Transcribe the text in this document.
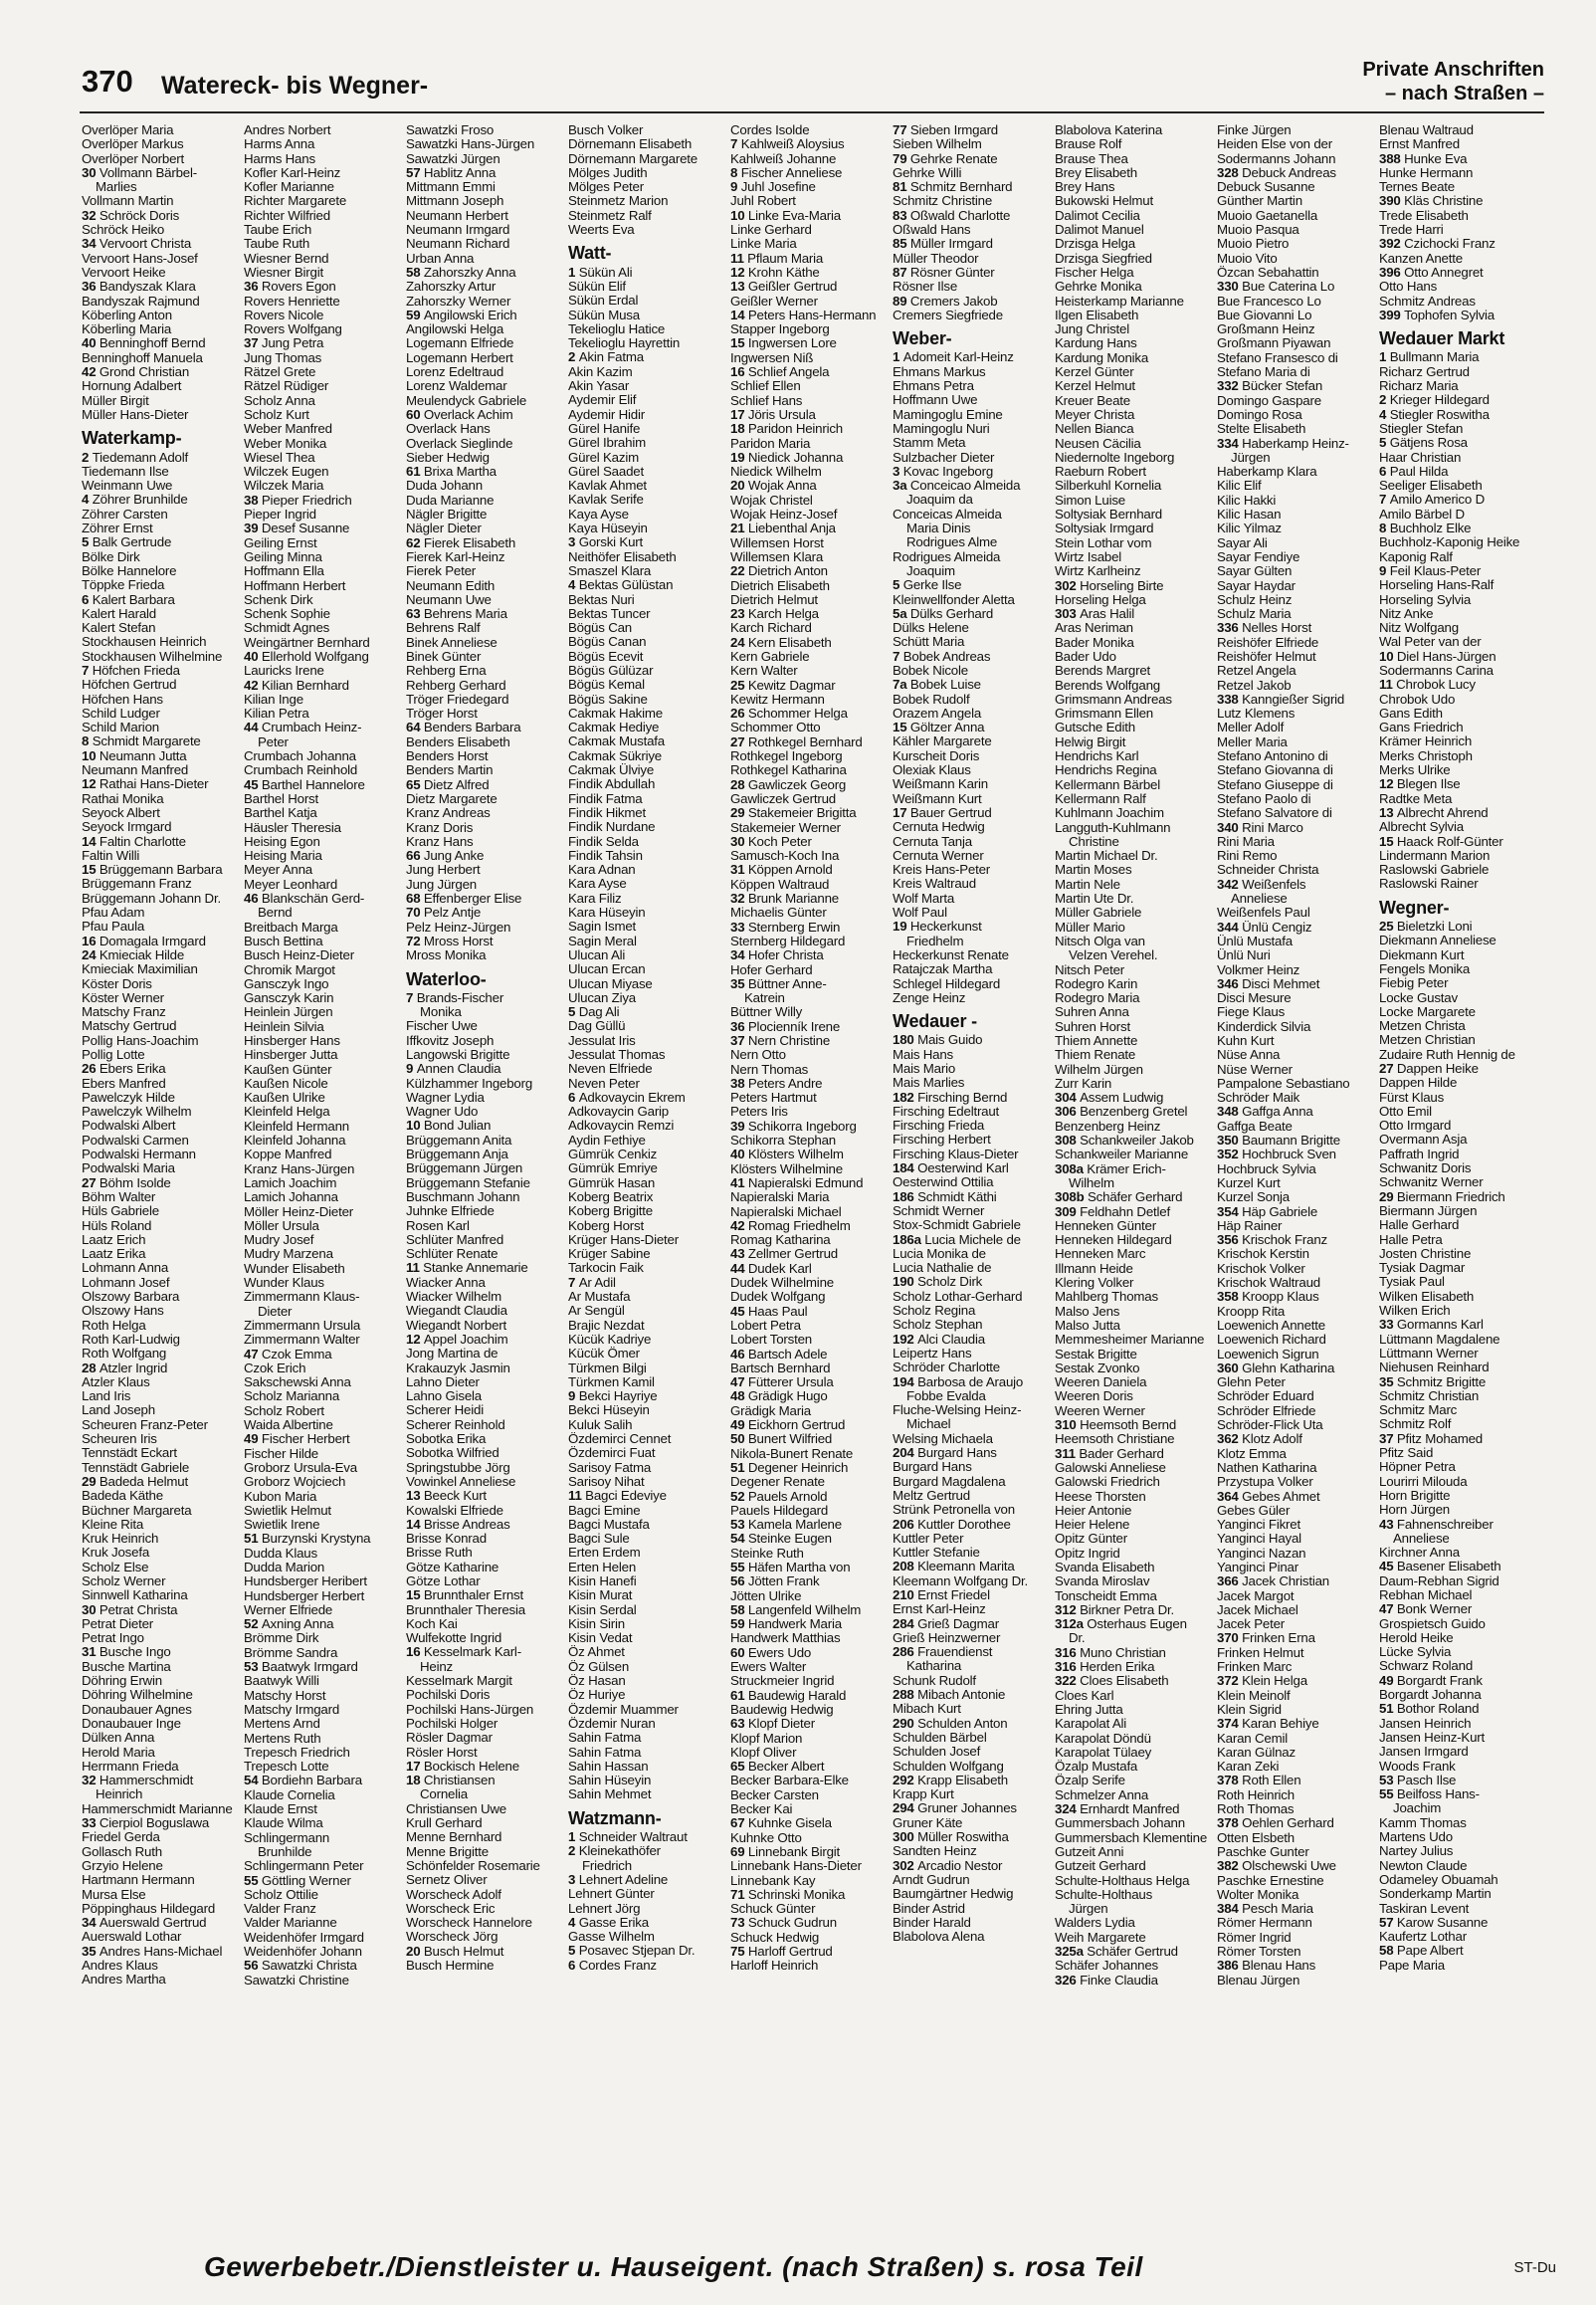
370 Watereck- bis Wegner-
Private Anschriften
– nach Straßen –
Overlöper Maria
Overlöper Markus
Overlöper Norbert
30 Vollmann Bärbel-
Marlies
Vollmann Martin
32 Schröck Doris
Schröck Heiko
34 Vervoort Christa
Vervoort Hans-Josef
Vervoort Heike
36 Bandyszak Klara
Bandyszak Rajmund
Köberling Anton
Köberling Maria
40 Benninghoff Bernd
Benninghoff Manuela
42 Grond Christian
Hornung Adalbert
Müller Birgit
Müller Hans-Dieter
Waterkamp-
2 Tiedemann Adolf
Tiedemann Ilse
Weinmann Uwe
4 Zöhrer Brunhilde
Zöhrer Carsten
Zöhrer Ernst
5 Balk Gertrude
Bölke Dirk
Bölke Hannelore
Töppke Frieda
6 Kalert Barbara
Kalert Harald
Kalert Stefan
Stockhausen Heinrich
Stockhausen Wilhelmine
7 Höfchen Frieda
Höfchen Gertrud
Höfchen Hans
Schild Ludger
Schild Marion
8 Schmidt Margarete
10 Neumann Jutta
Neumann Manfred
12 Rathai Hans-Dieter
Rathai Monika
Seyock Albert
Seyock Irmgard
14 Faltin Charlotte
Faltin Willi
15 Brüggemann Barbara
Brüggemann Franz
Brüggemann Johann Dr.
Pfau Adam
Pfau Paula
16 Domagala Irmgard
24 Kmieciak Hilde
Kmieciak Maximilian
Köster Doris
Köster Werner
Matschy Franz
Matschy Gertrud
Pollig Hans-Joachim
Pollig Lotte
26 Ebers Erika
Ebers Manfred
Pawelczyk Hilde
Pawelczyk Wilhelm
Podwalski Albert
Podwalski Carmen
Podwalski Hermann
Podwalski Maria
27 Böhm Isolde
Böhm Walter
Hüls Gabriele
Hüls Roland
Laatz Erich
Laatz Erika
Lohmann Anna
Lohmann Josef
Olszowy Barbara
Olszowy Hans
Roth Helga
Roth Karl-Ludwig
Roth Wolfgang
28 Atzler Ingrid
Atzler Klaus
Land Iris
Land Joseph
Scheuren Franz-Peter
Scheuren Iris
Tennstädt Eckart
Tennstädt Gabriele
29 Badeda Helmut
Badeda Käthe
Büchner Margareta
Kleine Rita
Kruk Heinrich
Kruk Josefa
Scholz Else
Scholz Werner
Sinnwell Katharina
30 Petrat Christa
Petrat Dieter
Petrat Ingo
31 Busche Ingo
Busche Martina
Döhring Erwin
Döhring Wilhelmine
Donaubauer Agnes
Donaubauer Inge
Dülken Anna
Herold Maria
Herrmann Frieda
32 Hammerschmidt
Heinrich
Hammerschmidt Marianne
33 Cierpiol Boguslawa
Friedel Gerda
Gollasch Ruth
Grzyio Helene
Hartmann Hermann
Mursa Else
Pöppinghaus Hildegard
34 Auerswald Gertrud
Auerswald Lothar
35 Andres Hans-Michael
Andres Klaus
Andres Martha
Andres Norbert
Harms Anna
Harms Hans
Kofler Karl-Heinz
Kofler Marianne
Richter Margarete
Richter Wilfried
Taube Erich
Taube Ruth
Wiesner Bernd
Wiesner Birgit
36 Rovers Egon
Rovers Henriette
Rovers Nicole
Rovers Wolfgang
37 Jung Petra
Jung Thomas
Rätzel Grete
Rätzel Rüdiger
Scholz Anna
Scholz Kurt
Weber Manfred
Weber Monika
Wiesel Thea
Wilczek Eugen
Wilczek Maria
38 Pieper Friedrich
Pieper Ingrid
39 Desef Susanne
Geiling Ernst
Geiling Minna
Hoffmann Ella
Hoffmann Herbert
Schenk Dirk
Schenk Sophie
Schmidt Agnes
Weingärtner Bernhard
40 Ellerhold Wolfgang
Lauricks Irene
42 Kilian Bernhard
Kilian Inge
Kilian Petra
44 Crumbach Heinz-
Peter
Crumbach Johanna
Crumbach Reinhold
45 Barthel Hannelore
Barthel Horst
Barthel Katja
Häusler Theresia
Heising Egon
Heising Maria
Meyer Anna
Meyer Leonhard
46 Blankschän Gerd-
Bernd
Breitbach Marga
Busch Bettina
Busch Heinz-Dieter
Chromik Margot
Gansczyk Ingo
Gansczyk Karin
Heinlein Jürgen
Heinlein Silvia
Hinsberger Hans
Hinsberger Jutta
Kaußen Günter
Kaußen Nicole
Kaußen Ulrike
Kleinfeld Helga
Kleinfeld Hermann
Kleinfeld Johanna
Koppe Manfred
Kranz Hans-Jürgen
Lamich Joachim
Lamich Johanna
Möller Heinz-Dieter
Möller Ursula
Mudry Josef
Mudry Marzena
Wunder Elisabeth
Wunder Klaus
Zimmermann Klaus-
Dieter
Zimmermann Ursula
Zimmermann Walter
47 Czok Emma
Czok Erich
Sakschewski Anna
Scholz Marianna
Scholz Robert
Waida Albertine
49 Fischer Herbert
Fischer Hilde
Groborz Ursula-Eva
Groborz Wojciech
Kubon Maria
Swietlik Helmut
Swietlik Irene
51 Burzynski Krystyna
Dudda Klaus
Dudda Marion
Hundsberger Heribert
Hundsberger Herbert
Werner Elfriede
52 Axning Anna
Brömme Dirk
Brömme Sandra
53 Baatwyk Irmgard
Baatwyk Willi
Matschy Horst
Matschy Irmgard
Mertens Arnd
Mertens Ruth
Trepesch Friedrich
Trepesch Lotte
54 Bordiehn Barbara
Klaude Cornelia
Klaude Ernst
Klaude Wilma
Schlingermann
Brunhilde
Schlingermann Peter
55 Göttling Werner
Scholz Ottilie
Valder Franz
Valder Marianne
Weidenhöfer Irmgard
Weidenhöfer Johann
56 Sawatzki Christa
Sawatzki Christine
Sawatzki Froso
Sawatzki Hans-Jürgen
Sawatzki Jürgen
57 Hablitz Anna
Mittmann Emmi
Mittmann Joseph
Neumann Herbert
Neumann Irmgard
Neumann Richard
Urban Anna
58 Zahorszky Anna
Zahorszky Artur
Zahorszky Werner
59 Angilowski Erich
Angilowski Helga
Logemann Elfriede
Logemann Herbert
Lorenz Edeltraud
Lorenz Waldemar
Meulendyck Gabriele
60 Overlack Achim
Overlack Hans
Overlack Sieglinde
Sieber Hedwig
61 Brixa Martha
Duda Johann
Duda Marianne
Nägler Brigitte
Nägler Dieter
62 Fierek Elisabeth
Fierek Karl-Heinz
Fierek Peter
Neumann Edith
Neumann Uwe
63 Behrens Maria
Behrens Ralf
Binek Anneliese
Binek Günter
Rehberg Erna
Rehberg Gerhard
Tröger Friedegard
Tröger Horst
64 Benders Barbara
Benders Elisabeth
Benders Horst
Benders Martin
65 Dietz Alfred
Dietz Margarete
Kranz Andreas
Kranz Doris
Kranz Hans
66 Jung Anke
Jung Herbert
Jung Jürgen
68 Effenberger Elise
70 Pelz Antje
Pelz Heinz-Jürgen
72 Mross Horst
Mross Monika
Waterloo-
7 Brands-Fischer
Monika
Fischer Uwe
Iffkovitz Joseph
Langowski Brigitte
9 Annen Claudia
Külzhammer Ingeborg
Wagner Lydia
Wagner Udo
10 Bond Julian
Brüggemann Anita
Brüggemann Anja
Brüggemann Jürgen
Brüggemann Stefanie
Buschmann Johann
Juhnke Elfriede
Rosen Karl
Schlüter Manfred
Schlüter Renate
11 Stanke Annemarie
Wiacker Anna
Wiacker Wilhelm
Wiegandt Claudia
Wiegandt Norbert
12 Appel Joachim
Jong Martina de
Krakauzyk Jasmin
Lahno Dieter
Lahno Gisela
Scherer Heidi
Scherer Reinhold
Sobotka Erika
Sobotka Wilfried
Springstubbe Jörg
Vowinkel Anneliese
13 Beeck Kurt
Kowalski Elfriede
14 Brisse Andreas
Brisse Konrad
Brisse Ruth
Götze Katharine
Götze Lothar
15 Brunnthaler Ernst
Brunnthaler Theresia
Koch Kai
Wulfekotte Ingrid
16 Kesselmark Karl-
Heinz
Kesselmark Margit
Pochilski Doris
Pochilski Hans-Jürgen
Pochilski Holger
Rösler Dagmar
Rösler Horst
17 Bockisch Helene
18 Christiansen
Cornelia
Christiansen Uwe
Krull Gerhard
Menne Bernhard
Menne Brigitte
Schönfelder Rosemarie
Sernetz Oliver
Worscheck Adolf
Worscheck Eric
Worscheck Hannelore
Worscheck Jörg
20 Busch Helmut
Busch Hermine
Busch Volker
Dörnemann Elisabeth
Dörnemann Margarete
Mölges Judith
Mölges Peter
Steinmetz Marion
Steinmetz Ralf
Weerts Eva
Watt-
1 Sükün Ali
Sükün Elif
Sükün Erdal
Sükün Musa
Tekelioglu Hatice
Tekelioglu Hayrettin
2 Akin Fatma
Akin Kazim
Akin Yasar
Aydemir Elif
Aydemir Hidir
Gürel Hanife
Gürel Ibrahim
Gürel Kazim
Gürel Saadet
Kavlak Ahmet
Kavlak Serife
Kaya Ayse
Kaya Hüseyin
3 Gorski Kurt
Neithöfer Elisabeth
Smaszel Klara
4 Bektas Gülüstan
Bektas Nuri
Bektas Tuncer
Bögüs Can
Bögüs Canan
Bögüs Ecevit
Bögüs Gülüzar
Bögüs Kemal
Bögüs Sakine
Cakmak Hakime
Cakmak Hediye
Cakmak Mustafa
Cakmak Sükriye
Cakmak Ülviye
Findik Abdullah
Findik Fatma
Findik Hikmet
Findik Nurdane
Findik Selda
Findik Tahsin
Kara Adnan
Kara Ayse
Kara Filiz
Kara Hüseyin
Sagin Ismet
Sagin Meral
Ulucan Ali
Ulucan Ercan
Ulucan Miyase
Ulucan Ziya
5 Dag Ali
Dag Güllü
Jessulat Iris
Jessulat Thomas
Neven Elfriede
Neven Peter
6 Adkovaycin Ekrem
Adkovaycin Garip
Adkovaycin Remzi
Aydin Fethiye
Gümrük Cenkiz
Gümrük Emriye
Gümrük Hasan
Koberg Beatrix
Koberg Brigitte
Koberg Horst
Krüger Hans-Dieter
Krüger Sabine
Tarkocin Faik
7 Ar Adil
Ar Mustafa
Ar Sengül
Brajic Nezdat
Kücük Kadriye
Kücük Ömer
Türkmen Bilgi
Türkmen Kamil
9 Bekci Hayriye
Bekci Hüseyin
Kuluk Salih
Özdemirci Cennet
Özdemirci Fuat
Sarisoy Fatma
Sarisoy Nihat
11 Bagci Edeviye
Bagci Emine
Bagci Mustafa
Bagci Sule
Erten Erdem
Erten Helen
Kisin Hanefi
Kisin Murat
Kisin Serdal
Kisin Sirin
Kisin Vedat
Öz Ahmet
Öz Gülsen
Öz Hasan
Öz Huriye
Özdemir Muammer
Özdemir Nuran
Sahin Fatma
Sahin Fatma
Sahin Hassan
Sahin Hüseyin
Sahin Mehmet
Watzmann-
1 Schneider Waltraut
2 Kleinekathöfer
Friedrich
3 Lehnert Adeline
Lehnert Günter
Lehnert Jörg
4 Gasse Erika
Gasse Wilhelm
5 Posavec Stjepan Dr.
6 Cordes Franz
Cordes Isolde
7 Kahlweiß Aloysius
Kahlweiß Johanne
8 Fischer Anneliese
9 Juhl Josefine
Juhl Robert
10 Linke Eva-Maria
Linke Gerhard
Linke Maria
11 Pflaum Maria
12 Krohn Käthe
13 Geißler Gertrud
Geißler Werner
14 Peters Hans-Hermann
Stapper Ingeborg
15 Ingwersen Lore
Ingwersen Niß
16 Schlief Angela
Schlief Ellen
Schlief Hans
17 Jöris Ursula
18 Paridon Heinrich
Paridon Maria
19 Niedick Johanna
Niedick Wilhelm
20 Wojak Anna
Wojak Christel
Wojak Heinz-Josef
21 Liebenthal Anja
Willemsen Horst
Willemsen Klara
22 Dietrich Anton
Dietrich Elisabeth
Dietrich Helmut
23 Karch Helga
Karch Richard
24 Kern Elisabeth
Kern Gabriele
Kern Walter
25 Kewitz Dagmar
Kewitz Hermann
26 Schommer Helga
Schommer Otto
27 Rothkegel Bernhard
Rothkegel Ingeborg
Rothkegel Katharina
28 Gawliczek Georg
Gawliczek Gertrud
29 Stakemeier Brigitta
Stakemeier Werner
30 Koch Peter
Samusch-Koch Ina
31 Köppen Arnold
Köppen Waltraud
32 Brunk Marianne
Michaelis Günter
33 Sternberg Erwin
Sternberg Hildegard
34 Hofer Christa
Hofer Gerhard
35 Büttner Anne-
Katrein
Büttner Willy
36 Plocienník Irene
37 Nern Christine
Nern Otto
Nern Thomas
38 Peters Andre
Peters Hartmut
Peters Iris
39 Schikorra Ingeborg
Schikorra Stephan
40 Klösters Wilhelm
Klösters Wilhelmine
41 Napieralski Edmund
Napieralski Maria
Napieralski Michael
42 Romag Friedhelm
Romag Katharina
43 Zellmer Gertrud
44 Dudek Karl
Dudek Wilhelmine
Dudek Wolfgang
45 Haas Paul
Lobert Petra
Lobert Torsten
46 Bartsch Adele
Bartsch Bernhard
47 Fütterer Ursula
48 Grädigk Hugo
Grädigk Maria
49 Eickhorn Gertrud
50 Bunert Wilfried
Nikola-Bunert Renate
51 Degener Heinrich
Degener Renate
52 Pauels Arnold
Pauels Hildegard
53 Kamela Marlene
54 Steinke Eugen
Steinke Ruth
55 Häfen Martha von
56 Jötten Frank
Jötten Ulrike
58 Langenfeld Wilhelm
59 Handwerk Maria
Handwerk Matthias
60 Ewers Udo
Ewers Walter
Struckmeier Ingrid
61 Baudewig Harald
Baudewig Hedwig
63 Klopf Dieter
Klopf Marion
Klopf Oliver
65 Becker Albert
Becker Barbara-Elke
Becker Carsten
Becker Kai
67 Kuhnke Gisela
Kuhnke Otto
69 Linnebank Birgit
Linnebank Hans-Dieter
Linnebank Kay
71 Schrinski Monika
Schuck Günter
73 Schuck Gudrun
Schuck Hedwig
75 Harloff Gertrud
Harloff Heinrich
77 Sieben Irmgard
Sieben Wilhelm
79 Gehrke Renate
Gehrke Willi
81 Schmitz Bernhard
Schmitz Christine
83 Oßwald Charlotte
Oßwald Hans
85 Müller Irmgard
Müller Theodor
87 Rösner Günter
Rösner Ilse
89 Cremers Jakob
Cremers Siegfriede
Weber-
1 Adomeit Karl-Heinz
Ehmans Markus
Ehmans Petra
Hoffmann Uwe
Mamingoglu Emine
Mamingoglu Nuri
Stamm Meta
Sulzbacher Dieter
3 Kovac Ingeborg
3a Conceicao Almeida
Joaquim da
Conceicas Almeida
Maria Dinis
Rodrigues Alme
Rodrigues Almeida
Joaquim
5 Gerke Ilse
Kleinwellfonder Aletta
5a Dülks Gerhard
Dülks Helene
Schütt Maria
7 Bobek Andreas
Bobek Nicole
7a Bobek Luise
Bobek Rudolf
Orazem Angela
15 Göltzer Anna
Kähler Margarete
Kurscheit Doris
Olexiak Klaus
Weißmann Karin
Weißmann Kurt
17 Bauer Gertrud
Cernuta Hedwig
Cernuta Tanja
Cernuta Werner
Kreis Hans-Peter
Kreis Waltraud
Wolf Marta
Wolf Paul
19 Heckerkunst
Friedhelm
Heckerkunst Renate
Ratajczak Martha
Schlegel Hildegard
Zenge Heinz
Wedauer -
180 Mais Guido
Mais Hans
Mais Mario
Mais Marlies
182 Firsching Bernd
Firsching Edeltraut
Firsching Frieda
Firsching Herbert
Firsching Klaus-Dieter
184 Oesterwind Karl
Oesterwind Ottilia
186 Schmidt Käthi
Schmidt Werner
Stox-Schmidt Gabriele
186a Lucia Michele de
Lucia Monika de
Lucia Nathalie de
190 Scholz Dirk
Scholz Lothar-Gerhard
Scholz Regina
Scholz Stephan
192 Alci Claudia
Leipertz Hans
Schröder Charlotte
194 Barbosa de Araujo
Fobbe Evalda
Fluche-Welsing Heinz-
Michael
Welsing Michaela
204 Burgard Hans
Burgard Hans
Burgard Magdalena
Meltz Gertrud
Strünk Petronella von
206 Kuttler Dorothee
Kuttler Peter
Kuttler Stefanie
208 Kleemann Marita
Kleemann Wolfgang Dr.
210 Ernst Friedel
Ernst Karl-Heinz
284 Grieß Dagmar
Grieß Heinzwerner
286 Frauendienst
Katharina
Schunk Rudolf
288 Mibach Antonie
Mibach Kurt
290 Schulden Anton
Schulden Bärbel
Schulden Josef
Schulden Wolfgang
292 Krapp Elisabeth
Krapp Kurt
294 Gruner Johannes
Gruner Käte
300 Müller Roswitha
Sandten Heinz
302 Arcadio Nestor
Arndt Gudrun
Baumgärtner Hedwig
Binder Astrid
Binder Harald
Blabolova Alena
Blabolova Katerina
Brause Rolf
Brause Thea
Brey Elisabeth
Brey Hans
Bukowski Helmut
Dalimot Cecilia
Dalimot Manuel
Drzisga Helga
Drzisga Siegfried
Fischer Helga
Gehrke Monika
Heisterkamp Marianne
Ilgen Elisabeth
Jung Christel
Kardung Hans
Kardung Monika
Kerzel Günter
Kerzel Helmut
Kreuer Beate
Meyer Christa
Nellen Bianca
Neusen Cäcilia
Niedernolte Ingeborg
Raeburn Robert
Silberkuhl Kornelia
Simon Luise
Soltysiak Bernhard
Soltysiak Irmgard
Stein Lothar vom
Wirtz Isabel
Wirtz Karlheinz
302 Horseling Birte
Horseling Helga
303 Aras Halil
Aras Neriman
Bader Monika
Bader Udo
Berends Margret
Berends Wolfgang
Grimsmann Andreas
Grimsmann Ellen
Gutsche Edith
Helwig Birgit
Hendrichs Karl
Hendrichs Regina
Kellermann Bärbel
Kellermann Ralf
Kuhlmann Joachim
Langguth-Kuhlmann
Christine
Martin Michael Dr.
Martin Moses
Martin Nele
Martin Ute Dr.
Müller Gabriele
Müller Mario
Nitsch Olga van
Velzen Verehel.
Nitsch Peter
Rodegro Karin
Rodegro Maria
Suhren Anna
Suhren Horst
Thiem Annette
Thiem Renate
Wilhelm Jürgen
Zurr Karin
304 Assem Ludwig
306 Benzenberg Gretel
Benzenberg Heinz
308 Schankweiler Jakob
Schankweiler Marianne
308a Krämer Erich-
Wilhelm
308b Schäfer Gerhard
309 Feldhahn Detlef
Henneken Günter
Henneken Hildegard
Henneken Marc
Illmann Heide
Klering Volker
Mahlberg Thomas
Malso Jens
Malso Jutta
Memmesheimer Marianne
Sestak Brigitte
Sestak Zvonko
Weeren Daniela
Weeren Doris
Weeren Werner
310 Heemsoth Bernd
Heemsoth Christiane
311 Bader Gerhard
Galowski Anneliese
Galowski Friedrich
Heese Thorsten
Heier Antonie
Heier Helene
Opitz Günter
Opitz Ingrid
Svanda Elisabeth
Svanda Miroslav
Tonscheidt Emma
312 Birkner Petra Dr.
312a Osterhaus Eugen
Dr.
316 Muno Christian
316 Herden Erika
322 Cloes Elisabeth
Cloes Karl
Ehring Jutta
Karapolat Ali
Karapolat Döndü
Karapolat Tülaey
Özalp Mustafa
Özalp Serife
Schmelzer Anna
324 Ernhardt Manfred
Gummersbach Johann
Gummersbach Klementine
Gutzeit Anni
Gutzeit Gerhard
Schulte-Holthaus Helga
Schulte-Holthaus
Jürgen
Walders Lydia
Weih Margarete
325a Schäfer Gertrud
Schäfer Johannes
326 Finke Claudia
Finke Jürgen
Heiden Else von der
Sodermanns Johann
328 Debuck Andreas
Debuck Susanne
Günther Martin
Muoio Gaetanella
Muoio Pasqua
Muoio Pietro
Muoio Vito
Özcan Sebahattin
330 Bue Caterina Lo
Bue Francesco Lo
Bue Giovanni Lo
Großmann Heinz
Großmann Piyawan
Stefano Fransesco di
Stefano Maria di
332 Bücker Stefan
Domingo Gaspare
Domingo Rosa
Stelte Elisabeth
334 Haberkamp Heinz-
Jürgen
Haberkamp Klara
Kilic Elif
Kilic Hakki
Kilic Hasan
Kilic Yilmaz
Sayar Ali
Sayar Fendiye
Sayar Gülten
Sayar Haydar
Schulz Heinz
Schulz Maria
336 Nelles Horst
Reishöfer Elfriede
Reishöfer Helmut
Retzel Angela
Retzel Jakob
338 Kanngießer Sigrid
Lutz Klemens
Meller Adolf
Meller Maria
Stefano Antonino di
Stefano Giovanna di
Stefano Giuseppe di
Stefano Paolo di
Stefano Salvatore di
340 Rini Marco
Rini Maria
Rini Remo
Schneider Christa
342 Weißenfels
Anneliese
Weißenfels Paul
344 Ünlü Cengiz
Ünlü Mustafa
Ünlü Nuri
Volkmer Heinz
346 Disci Mehmet
Disci Mesure
Fiege Klaus
Kinderdick Silvia
Kuhn Kurt
Nüse Anna
Nüse Werner
Pampalone Sebastiano
Schröder Maik
348 Gaffga Anna
Gaffga Beate
350 Baumann Brigitte
352 Hochbruck Sven
Hochbruck Sylvia
Kurzel Kurt
Kurzel Sonja
354 Häp Gabriele
Häp Rainer
356 Krischok Franz
Krischok Kerstin
Krischok Volker
Krischok Waltraud
358 Kroopp Klaus
Kroopp Rita
Loewenich Annette
Loewenich Richard
Loewenich Sigrun
360 Glehn Katharina
Glehn Peter
Schröder Eduard
Schröder Elfriede
Schröder-Flick Uta
362 Klotz Adolf
Klotz Emma
Nathen Katharina
Przystupa Volker
364 Gebes Ahmet
Gebes Güler
Yanginci Fikret
Yanginci Hayal
Yanginci Nazan
Yanginci Pinar
366 Jacek Christian
Jacek Margot
Jacek Michael
Jacek Peter
370 Frinken Erna
Frinken Helmut
Frinken Marc
372 Klein Helga
Klein Meinolf
Klein Sigrid
374 Karan Behiye
Karan Cemil
Karan Gülnaz
Karan Zeki
378 Roth Ellen
Roth Heinrich
Roth Thomas
378 Oehlen Gerhard
Otten Elsbeth
Paschke Gunter
382 Olschewski Uwe
Paschke Ernestine
Wolter Monika
384 Pesch Maria
Römer Hermann
Römer Ingrid
Römer Torsten
386 Blenau Hans
Blenau Jürgen
Blenau Waltraud
Ernst Manfred
388 Hunke Eva
Hunke Hermann
Ternes Beate
390 Kläs Christine
Trede Elisabeth
Trede Harri
392 Czichocki Franz
Kanzen Anette
396 Otto Annegret
Otto Hans
Schmitz Andreas
399 Tophofen Sylvia
Wedauer Markt
1 Bullmann Maria
Richarz Gertrud
Richarz Maria
2 Krieger Hildegard
4 Stiegler Roswitha
Stiegler Stefan
5 Gätjens Rosa
Haar Christian
6 Paul Hilda
Seeliger Elisabeth
7 Amilo Americo D
Amilo Bärbel D
8 Buchholz Elke
Buchholz-Kaponig Heike
Kaponig Ralf
9 Feil Klaus-Peter
Horseling Hans-Ralf
Horseling Sylvia
Nitz Anke
Nitz Wolfgang
Wal Peter van der
10 Diel Hans-Jürgen
Sodermanns Carina
11 Chrobok Lucy
Chrobok Udo
Gans Edith
Gans Friedrich
Krämer Heinrich
Merks Christoph
Merks Ulrike
12 Blegen Ilse
Radtke Meta
13 Albrecht Ahrend
Albrecht Sylvia
15 Haack Rolf-Günter
Lindermann Marion
Raslowski Gabriele
Raslowski Rainer
Wegner-
25 Bieletzki Loni
Diekmann Anneliese
Diekmann Kurt
Fengels Monika
Fiebig Peter
Locke Gustav
Locke Margarete
Metzen Christa
Metzen Christian
Zudaire Ruth Hennig de
27 Dappen Heike
Dappen Hilde
Fürst Klaus
Otto Emil
Otto Irmgard
Overmann Asja
Paffrath Ingrid
Schwanitz Doris
Schwanitz Werner
29 Biermann Friedrich
Biermann Jürgen
Halle Gerhard
Halle Petra
Josten Christine
Tysiak Dagmar
Tysiak Paul
Wilken Elisabeth
Wilken Erich
33 Gormanns Karl
Lüttmann Magdalene
Lüttmann Werner
Niehusen Reinhard
35 Schmitz Brigitte
Schmitz Christian
Schmitz Marc
Schmitz Rolf
37 Pfitz Mohamed
Pfitz Said
Höpner Petra
Lourirri Milouda
Horn Brigitte
Horn Jürgen
43 Fahnenschreiber
Anneliese
Kirchner Anna
45 Basener Elisabeth
Daum-Rebhan Sigrid
Rebhan Michael
47 Bonk Werner
Grospietsch Guido
Herold Heike
Lücke Sylvia
Schwarz Roland
49 Borgardt Frank
Borgardt Johanna
51 Bothor Roland
Jansen Heinrich
Jansen Heinz-Kurt
Jansen Irmgard
Woods Frank
53 Pasch Ilse
55 Beilfoss Hans-
Joachim
Kamm Thomas
Martens Udo
Nartey Julius
Newton Claude
Odameley Obuamah
Sonderkamp Martin
Taskiran Levent
57 Karow Susanne
Kaufertz Lothar
58 Pape Albert
Pape Maria
Gewerbebetr./Dienstleister u. Hauseigent. (nach Straßen) s. rosa Teil	ST-Du
